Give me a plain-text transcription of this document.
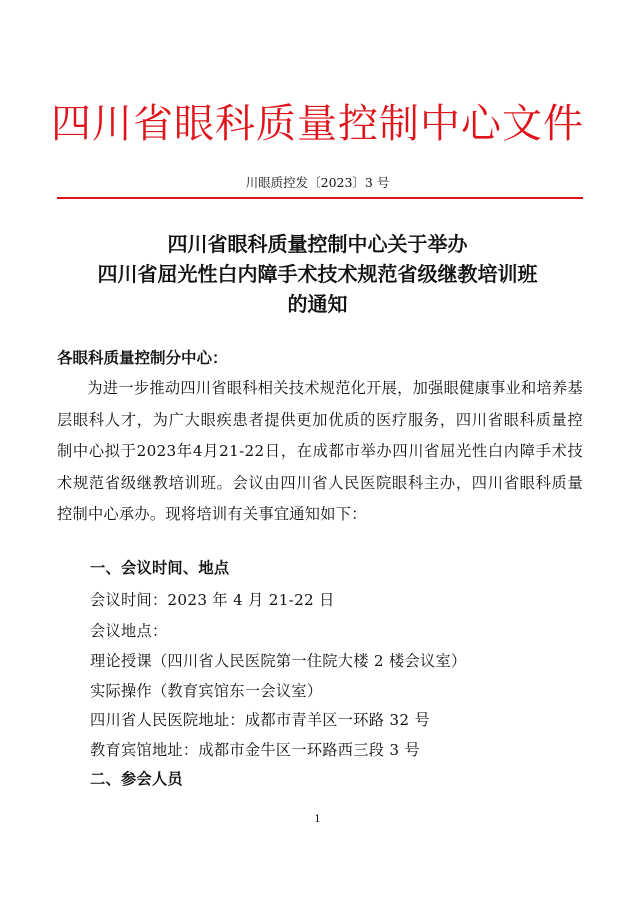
四川省眼科质量控制中心文件
川眼质控发〔2023〕3 号
四川省眼科质量控制中心关于举办
四川省屈光性白内障手术技术规范省级继教培训班
的通知
各眼科质量控制分中心：
为进一步推动四川省眼科相关技术规范化开展，加强眼健康事业和培养基层眼科人才，为广大眼疾患者提供更加优质的医疗服务，四川省眼科质量控制中心拟于2023年4月21-22日，在成都市举办四川省屈光性白内障手术技术规范省级继教培训班。会议由四川省人民医院眼科主办，四川省眼科质量控制中心承办。现将培训有关事宜通知如下：
一、会议时间、地点
会议时间：2023 年 4 月 21-22 日
会议地点：
理论授课（四川省人民医院第一住院大楼 2 楼会议室）
实际操作（教育宾馆东一会议室）
四川省人民医院地址：成都市青羊区一环路 32 号
教育宾馆地址：成都市金牛区一环路西三段 3 号
二、参会人员
1
